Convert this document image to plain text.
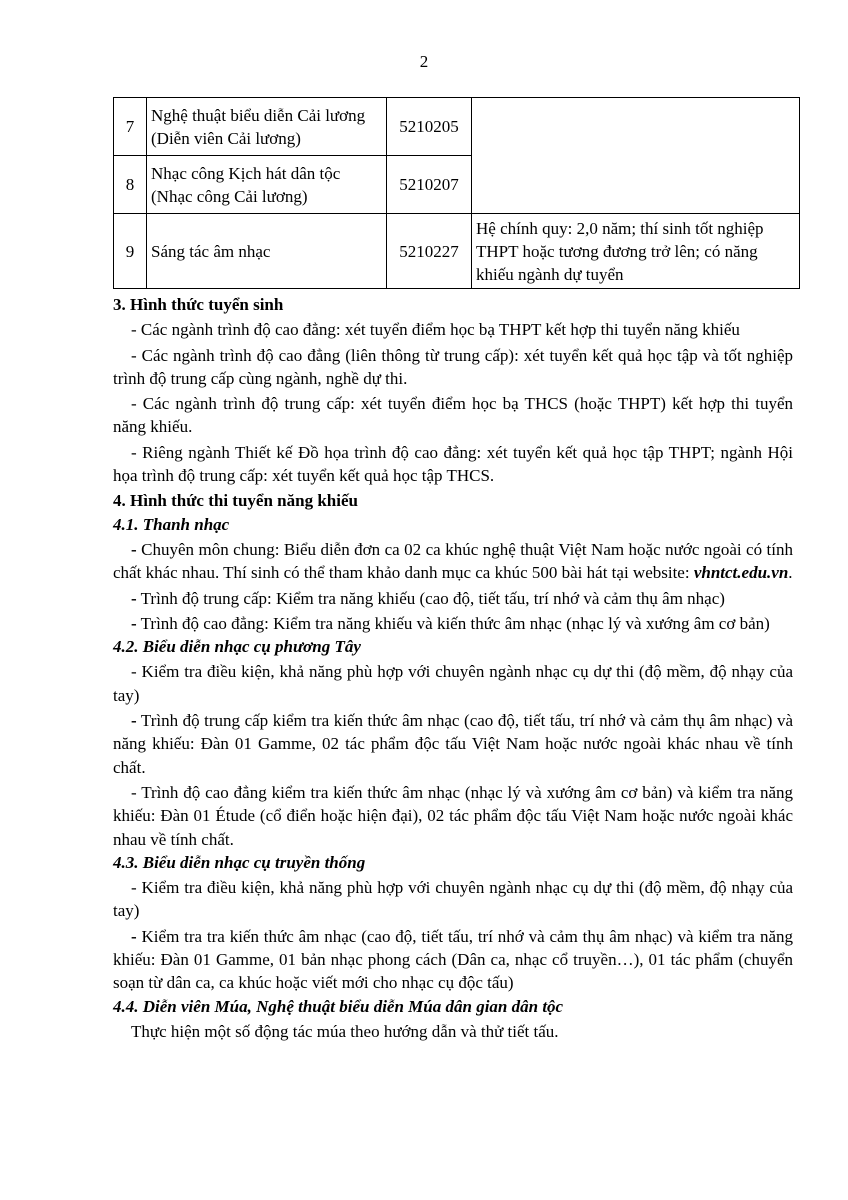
2
7	Nghệ thuật biểu diễn Cải lương
(Diễn viên Cải lương)	5210205	
8	Nhạc công Kịch hát dân tộc
(Nhạc công Cải lương)	5210207	
9	Sáng tác âm nhạc	5210227	Hệ chính quy: 2,0 năm; thí sinh tốt nghiệp
THPT hoặc tương đương trở lên; có năng
khiếu ngành dự tuyển

3. Hình thức tuyển sinh

- Các ngành trình độ cao đẳng: xét tuyển điểm học bạ THPT kết hợp thi tuyển năng khiếu

- Các ngành trình độ cao đẳng (liên thông từ trung cấp): xét tuyển kết quả học tập và tốt nghiệp trình độ trung cấp cùng ngành, nghề dự thi.

- Các ngành trình độ trung cấp: xét tuyển điểm học bạ THCS (hoặc THPT) kết hợp thi tuyển năng khiếu.

- Riêng ngành Thiết kế Đồ họa trình độ cao đẳng: xét tuyển kết quả học tập THPT; ngành Hội họa trình độ trung cấp: xét tuyển kết quả học tập THCS.

4. Hình thức thi tuyển năng khiếu

4.1. Thanh nhạc

- Chuyên môn chung: Biểu diễn đơn ca 02 ca khúc nghệ thuật Việt Nam hoặc nước ngoài có tính chất khác nhau. Thí sinh có thể tham khảo danh mục ca khúc 500 bài hát tại website: vhntct.edu.vn.

- Trình độ trung cấp: Kiểm tra năng khiếu (cao độ, tiết tấu, trí nhớ và cảm thụ âm nhạc)

- Trình độ cao đẳng: Kiểm tra năng khiếu và kiến thức âm nhạc (nhạc lý và xướng âm cơ bản)

4.2. Biểu diễn nhạc cụ phương Tây

- Kiểm tra điều kiện, khả năng phù hợp với chuyên ngành nhạc cụ dự thi (độ mềm, độ nhạy của tay)

- Trình độ trung cấp kiểm tra kiến thức âm nhạc (cao độ, tiết tấu, trí nhớ và cảm thụ âm nhạc) và năng khiếu: Đàn 01 Gamme, 02 tác phẩm độc tấu Việt Nam hoặc nước ngoài khác nhau về tính chất.

- Trình độ cao đẳng kiểm tra kiến thức âm nhạc (nhạc lý và xướng âm cơ bản) và kiểm tra năng khiếu: Đàn 01 Étude (cổ điển hoặc hiện đại), 02 tác phẩm độc tấu Việt Nam hoặc nước ngoài khác nhau về tính chất.

4.3. Biểu diễn nhạc cụ truyền thống

- Kiểm tra điều kiện, khả năng phù hợp với chuyên ngành nhạc cụ dự thi (độ mềm, độ nhạy của tay)

- Kiểm tra tra kiến thức âm nhạc (cao độ, tiết tấu, trí nhớ và cảm thụ âm nhạc) và kiểm tra năng khiếu: Đàn 01 Gamme, 01 bản nhạc phong cách (Dân ca, nhạc cổ truyền…), 01 tác phẩm (chuyển soạn từ dân ca, ca khúc hoặc viết mới cho nhạc cụ độc tấu)

4.4. Diễn viên Múa, Nghệ thuật biểu diễn Múa dân gian dân tộc

Thực hiện một số động tác múa theo hướng dẫn và thử tiết tấu.
